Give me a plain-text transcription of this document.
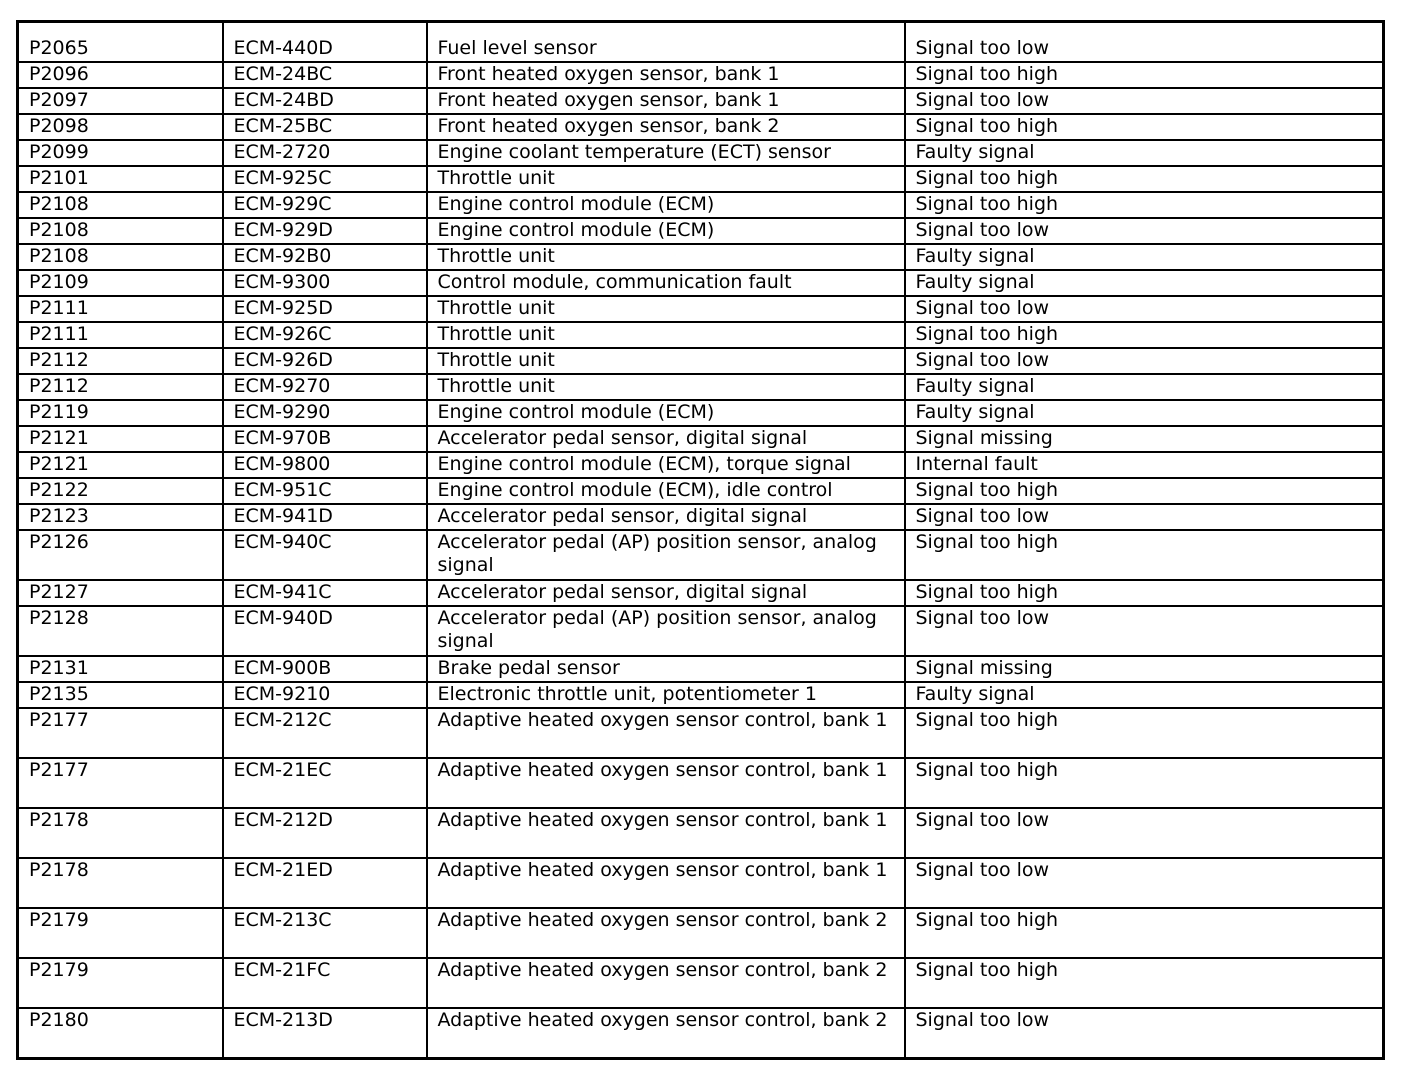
P2065	ECM-440D	Fuel level sensor	Signal too low
P2096	ECM-24BC	Front heated oxygen sensor, bank 1	Signal too high
P2097	ECM-24BD	Front heated oxygen sensor, bank 1	Signal too low
P2098	ECM-25BC	Front heated oxygen sensor, bank 2	Signal too high
P2099	ECM-2720	Engine coolant temperature (ECT) sensor	Faulty signal
P2101	ECM-925C	Throttle unit	Signal too high
P2108	ECM-929C	Engine control module (ECM)	Signal too high
P2108	ECM-929D	Engine control module (ECM)	Signal too low
P2108	ECM-92B0	Throttle unit	Faulty signal
P2109	ECM-9300	Control module, communication fault	Faulty signal
P2111	ECM-925D	Throttle unit	Signal too low
P2111	ECM-926C	Throttle unit	Signal too high
P2112	ECM-926D	Throttle unit	Signal too low
P2112	ECM-9270	Throttle unit	Faulty signal
P2119	ECM-9290	Engine control module (ECM)	Faulty signal
P2121	ECM-970B	Accelerator pedal sensor, digital signal	Signal missing
P2121	ECM-9800	Engine control module (ECM), torque signal	Internal fault
P2122	ECM-951C	Engine control module (ECM), idle control	Signal too high
P2123	ECM-941D	Accelerator pedal sensor, digital signal	Signal too low
P2126	ECM-940C	Accelerator pedal (AP) position sensor, analog signal	Signal too high
P2127	ECM-941C	Accelerator pedal sensor, digital signal	Signal too high
P2128	ECM-940D	Accelerator pedal (AP) position sensor, analog signal	Signal too low
P2131	ECM-900B	Brake pedal sensor	Signal missing
P2135	ECM-9210	Electronic throttle unit, potentiometer 1	Faulty signal
P2177	ECM-212C	Adaptive heated oxygen sensor control, bank 1	Signal too high
P2177	ECM-21EC	Adaptive heated oxygen sensor control, bank 1	Signal too high
P2178	ECM-212D	Adaptive heated oxygen sensor control, bank 1	Signal too low
P2178	ECM-21ED	Adaptive heated oxygen sensor control, bank 1	Signal too low
P2179	ECM-213C	Adaptive heated oxygen sensor control, bank 2	Signal too high
P2179	ECM-21FC	Adaptive heated oxygen sensor control, bank 2	Signal too high
P2180	ECM-213D	Adaptive heated oxygen sensor control, bank 2	Signal too low
